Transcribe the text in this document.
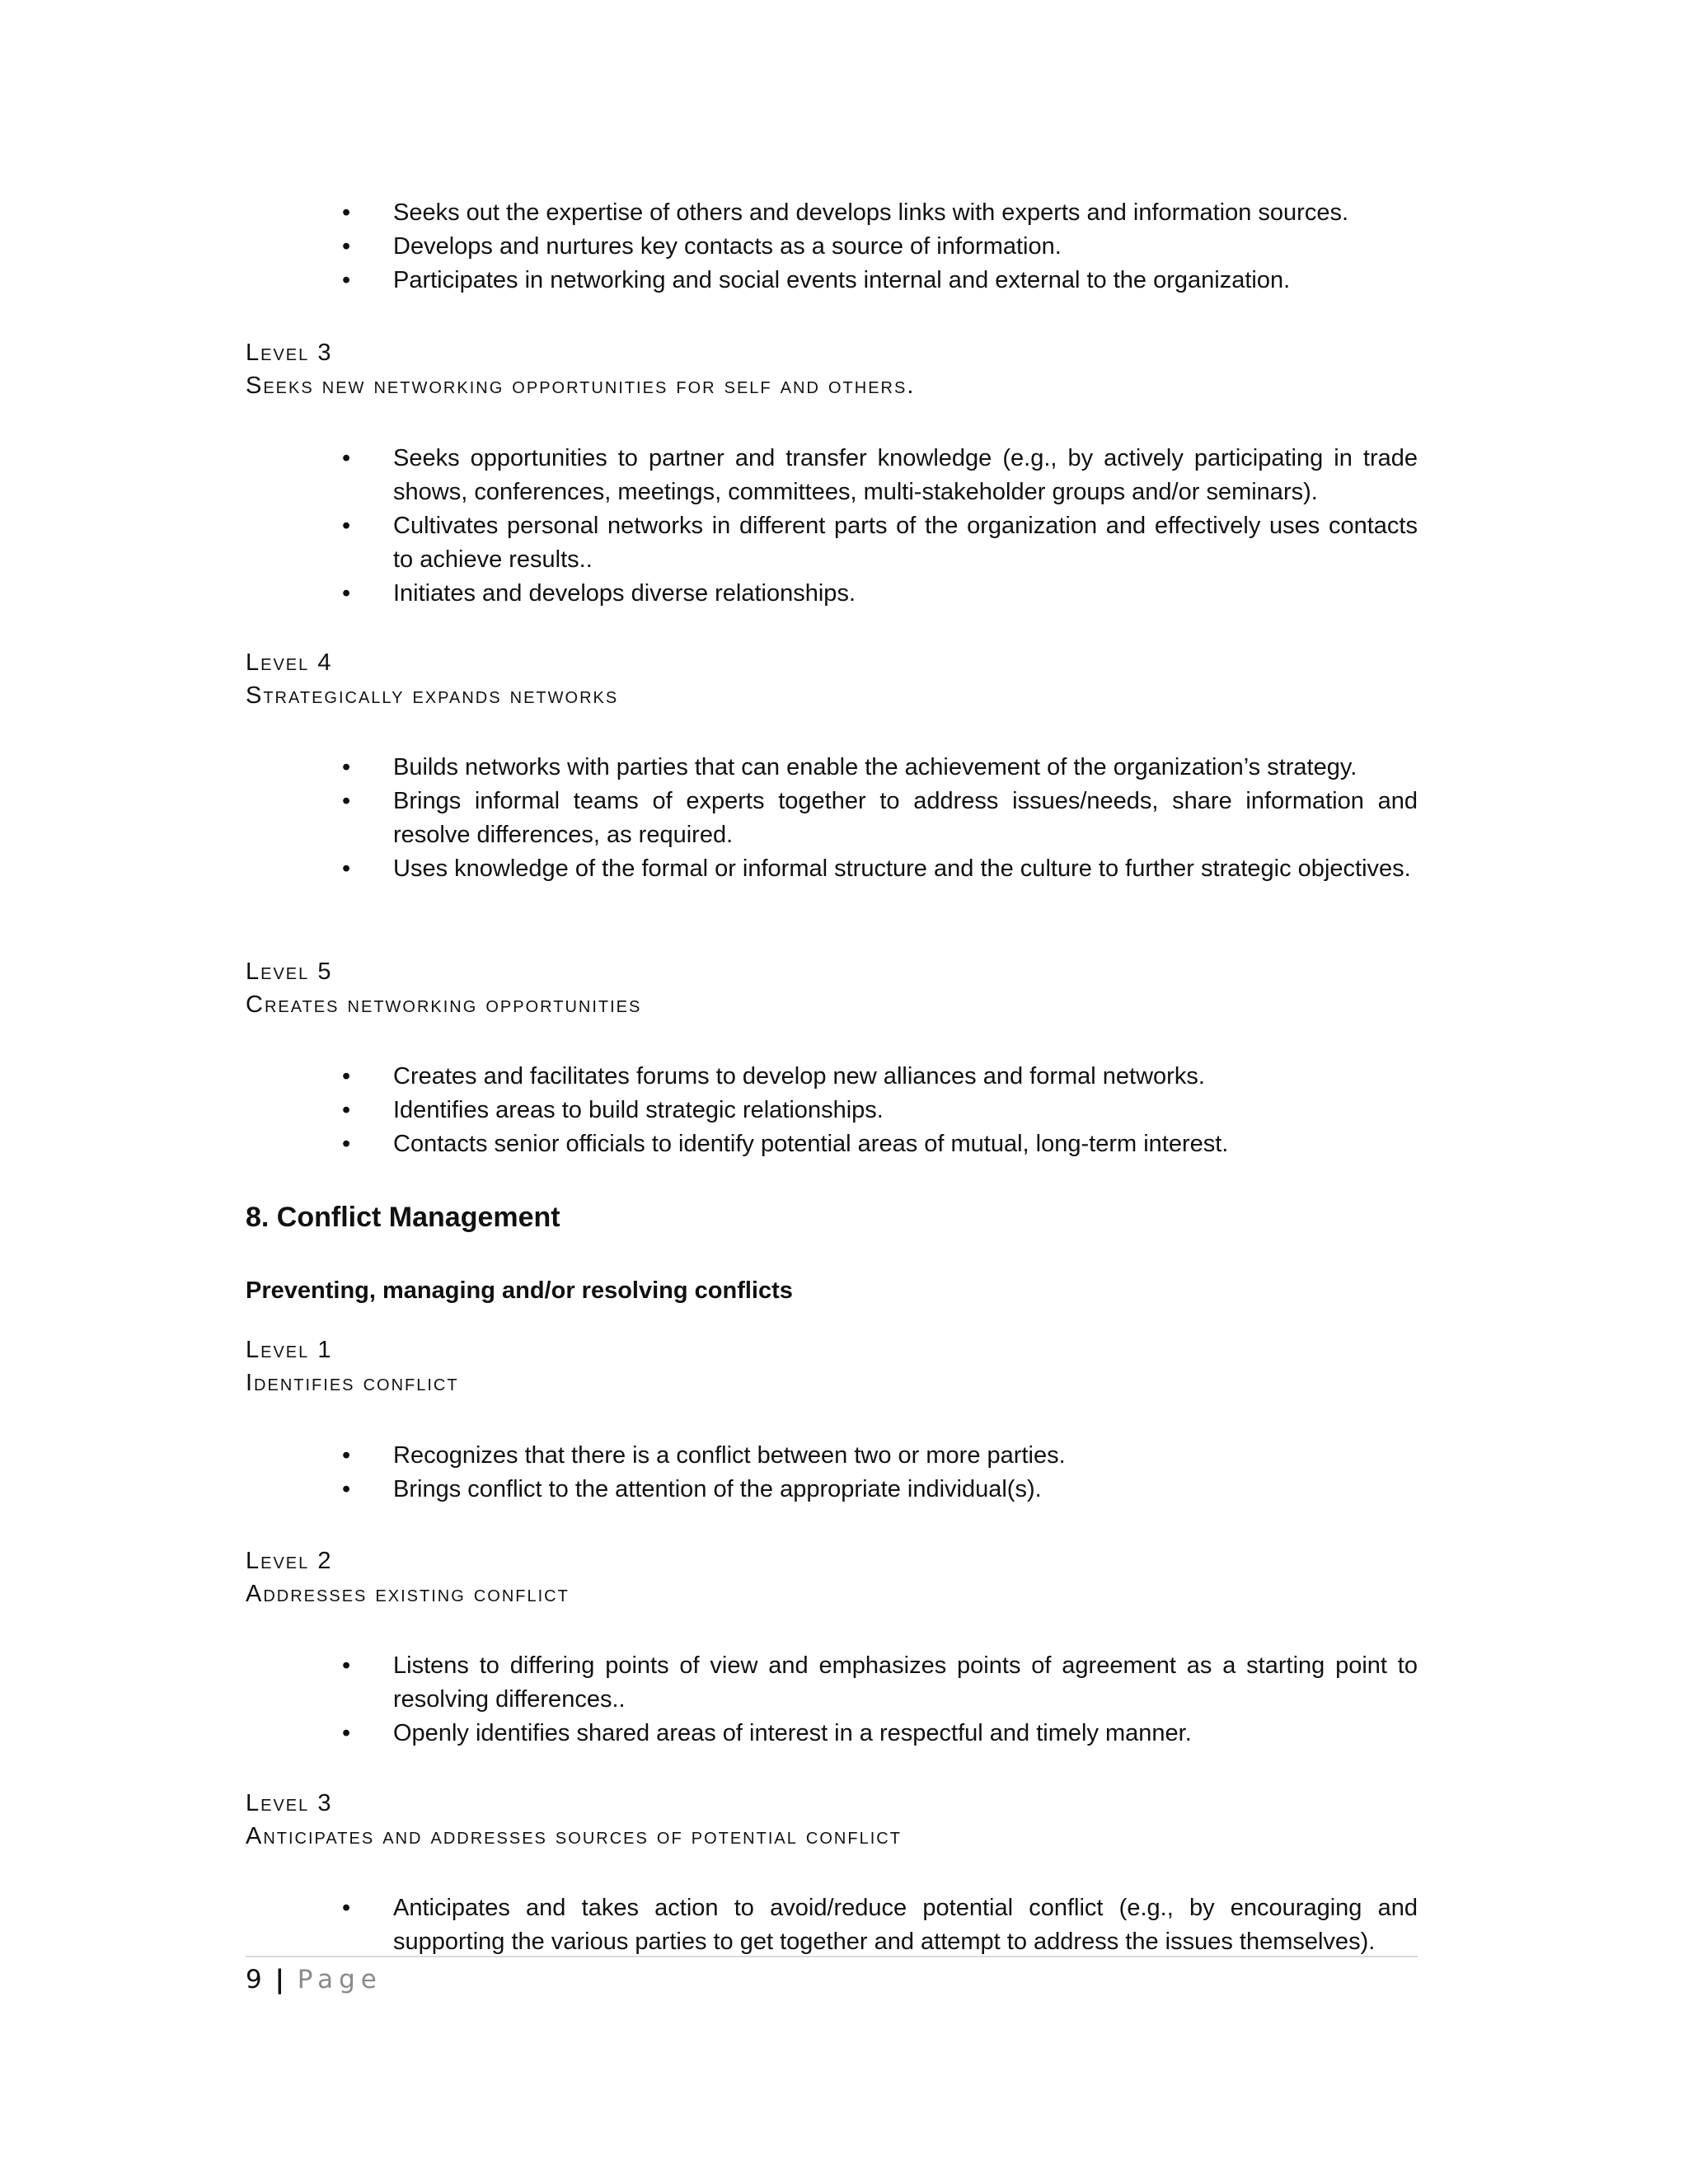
• Seeks out the expertise of others and develops links with experts and information sources.
• Develops and nurtures key contacts as a source of information.
• Participates in networking and social events internal and external to the organization.
Level 3
Seeks new networking opportunities for self and others.
• Seeks opportunities to partner and transfer knowledge (e.g., by actively participating in trade shows, conferences, meetings, committees, multi-stakeholder groups and/or seminars).
• Cultivates personal networks in different parts of the organization and effectively uses contacts to achieve results..
• Initiates and develops diverse relationships.
Level 4
Strategically expands networks
• Builds networks with parties that can enable the achievement of the organization’s strategy.
• Brings informal teams of experts together to address issues/needs, share information and resolve differences, as required.
• Uses knowledge of the formal or informal structure and the culture to further strategic objectives.
Level 5
Creates networking opportunities
• Creates and facilitates forums to develop new alliances and formal networks.
• Identifies areas to build strategic relationships.
• Contacts senior officials to identify potential areas of mutual, long-term interest.
8. Conflict Management
Preventing, managing and/or resolving conflicts
Level 1
Identifies conflict
• Recognizes that there is a conflict between two or more parties.
• Brings conflict to the attention of the appropriate individual(s).
Level 2
Addresses existing conflict
• Listens to differing points of view and emphasizes points of agreement as a starting point to resolving differences..
• Openly identifies shared areas of interest in a respectful and timely manner.
Level 3
Anticipates and addresses sources of potential conflict
• Anticipates and takes action to avoid/reduce potential conflict (e.g., by encouraging and supporting the various parties to get together and attempt to address the issues themselves).
9 | Page
